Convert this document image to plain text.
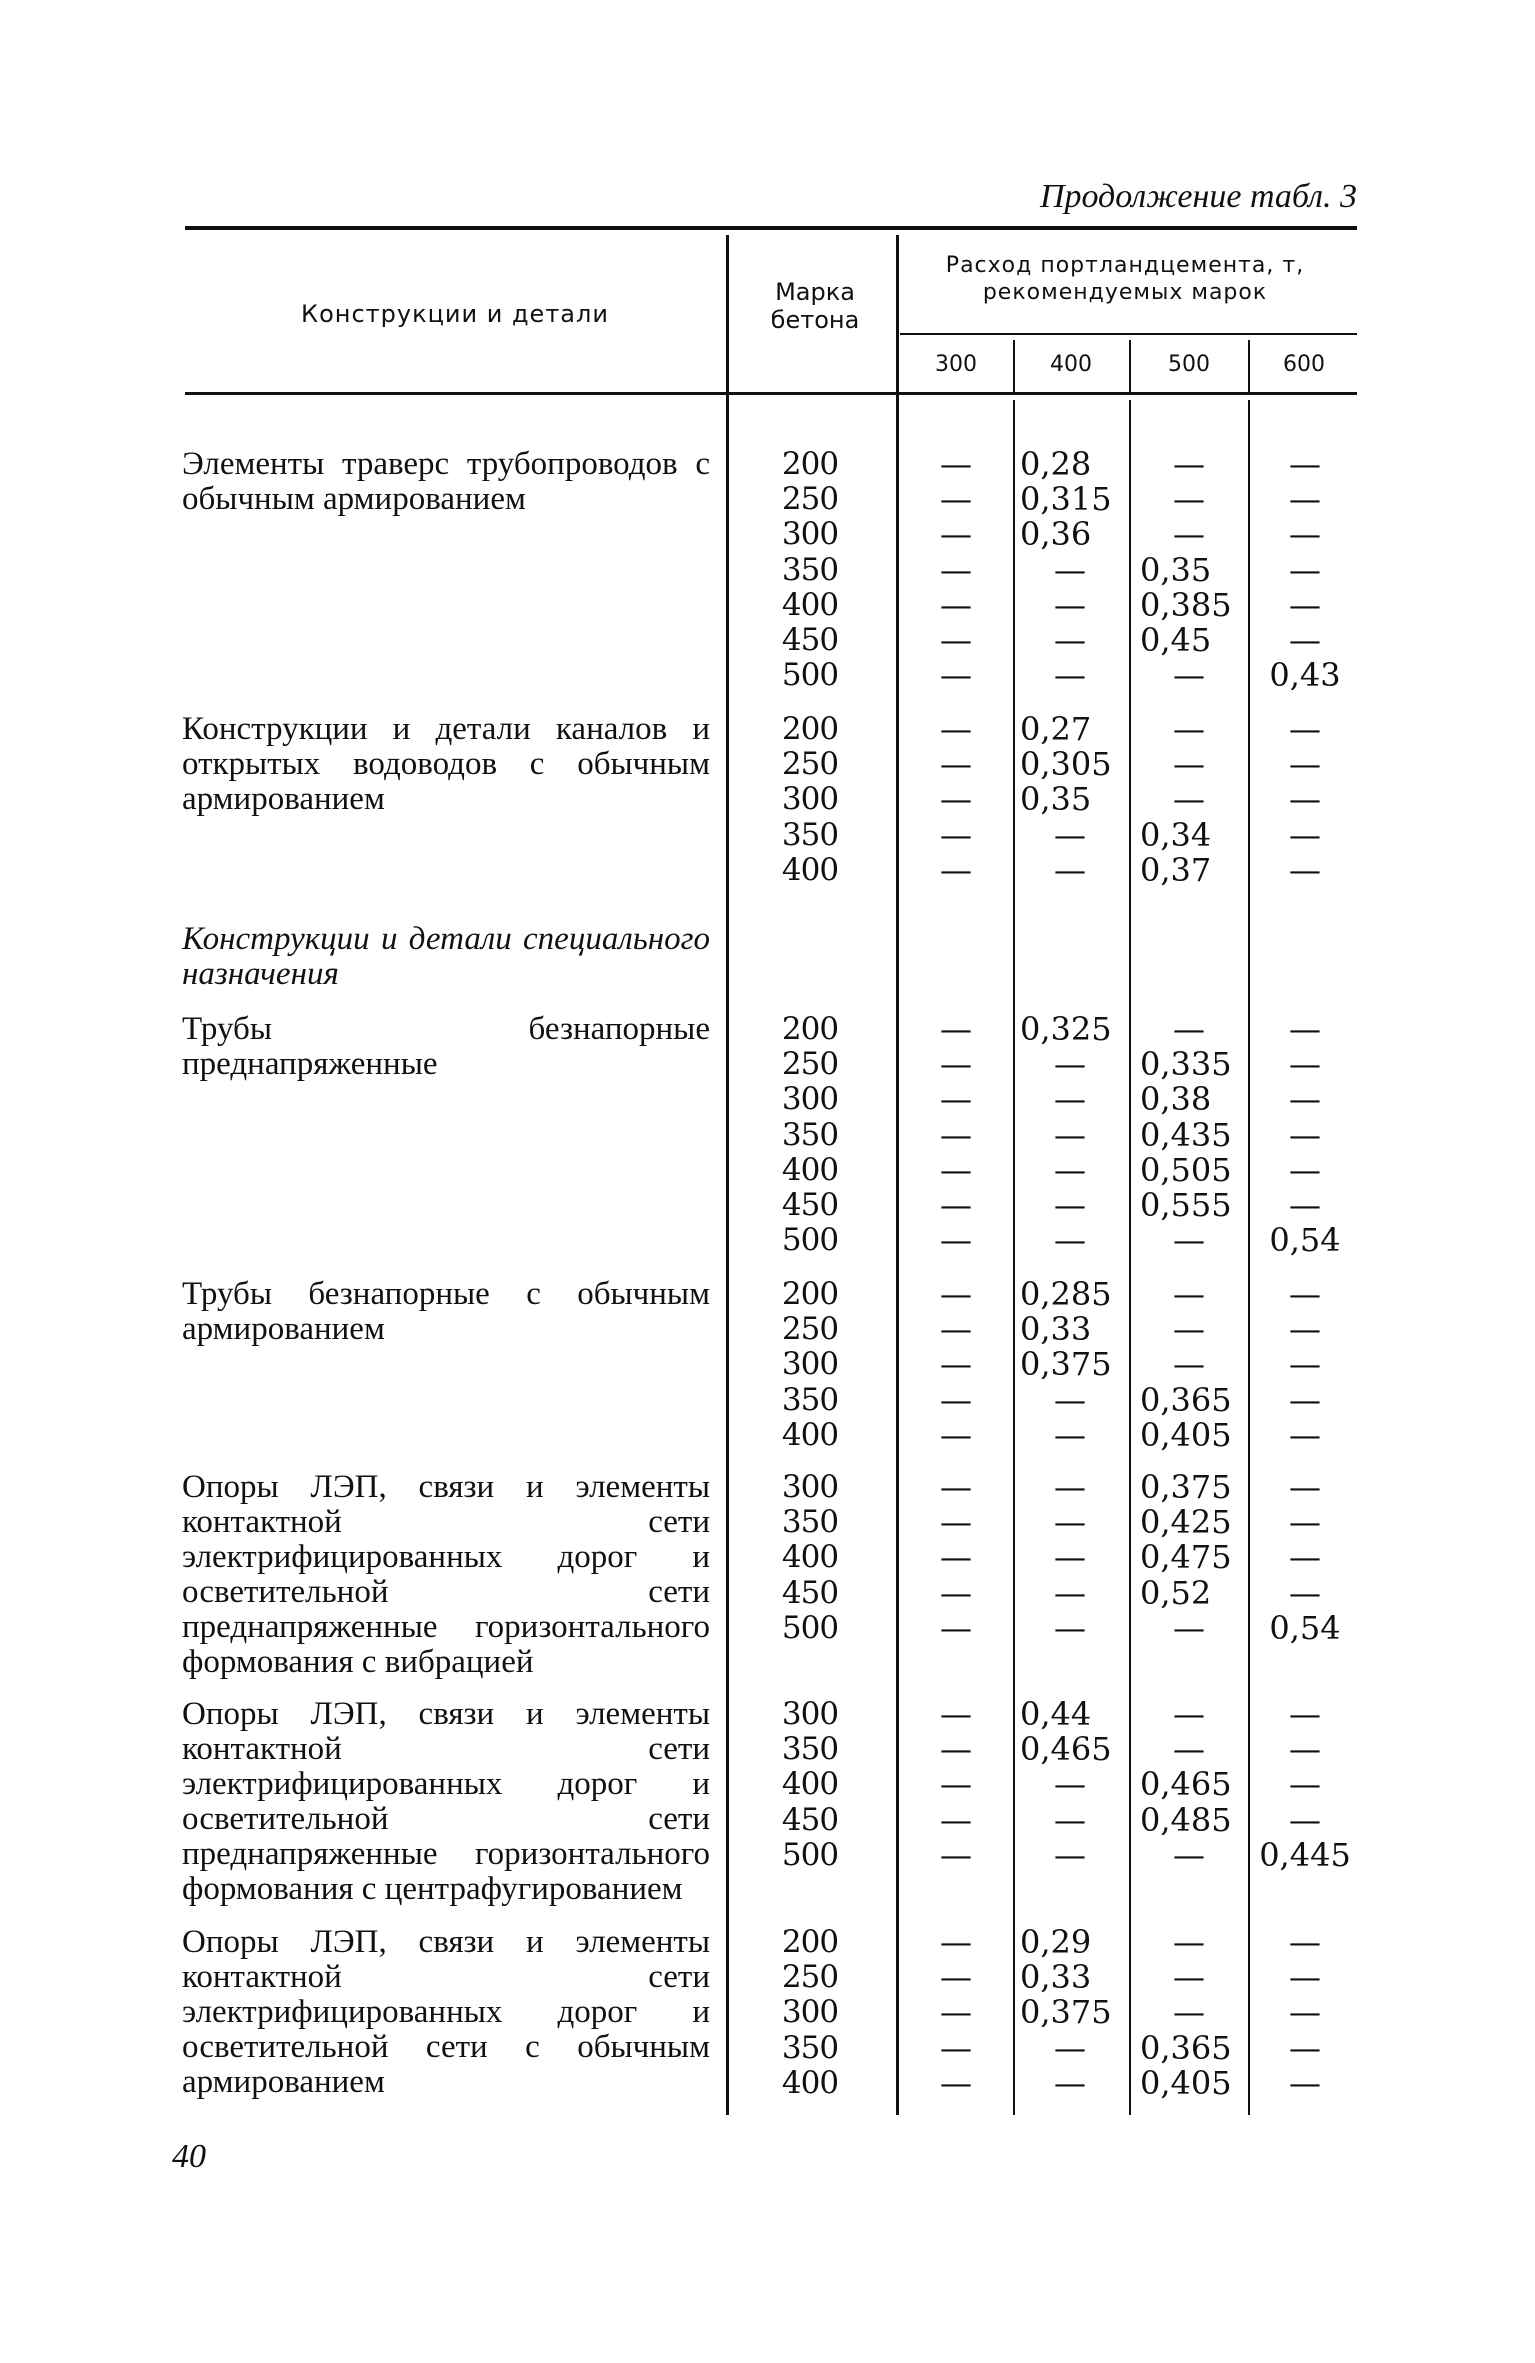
Продолжение табл. 3
Конструкции и детали
Марка
бетона
Расход портландцемента, т,
рекомендуемых марок
300	400	500	600
Элементы траверс трубопроводов с обычным армированием
200	—	0,28	—	—
250	—	0,315	—	—
300	—	0,36	—	—
350	—	—	0,35	—
400	—	—	0,385	—
450	—	—	0,45	—
500	—	—	—	0,43
Конструкции и детали каналов и открытых водоводов с обычным армированием
200	—	0,27	—	—
250	—	0,305	—	—
300	—	0,35	—	—
350	—	—	0,34	—
400	—	—	0,37	—
Конструкции и детали специального назначения
Трубы безнапорные преднапряженные
200	—	0,325	—	—
250	—	—	0,335	—
300	—	—	0,38	—
350	—	—	0,435	—
400	—	—	0,505	—
450	—	—	0,555	—
500	—	—	—	0,54
Трубы безнапорные с обычным армированием
200	—	0,285	—	—
250	—	0,33	—	—
300	—	0,375	—	—
350	—	—	0,365	—
400	—	—	0,405	—
Опоры ЛЭП, связи и элементы контактной сети электрифицированных дорог и осветительной сети преднапряженные горизонтального формования с вибрацией
300	—	—	0,375	—
350	—	—	0,425	—
400	—	—	0,475	—
450	—	—	0,52	—
500	—	—	—	0,54
Опоры ЛЭП, связи и элементы контактной сети электрифицированных дорог и осветительной сети преднапряженные горизонтального формования с центрафугированием
300	—	0,44	—	—
350	—	0,465	—	—
400	—	—	0,465	—
450	—	—	0,485	—
500	—	—	—	0,445
Опоры ЛЭП, связи и элементы контактной сети электрифицированных дорог и осветительной сети с обычным армированием
200	—	0,29	—	—
250	—	0,33	—	—
300	—	0,375	—	—
350	—	—	0,365	—
400	—	—	0,405	—
40
